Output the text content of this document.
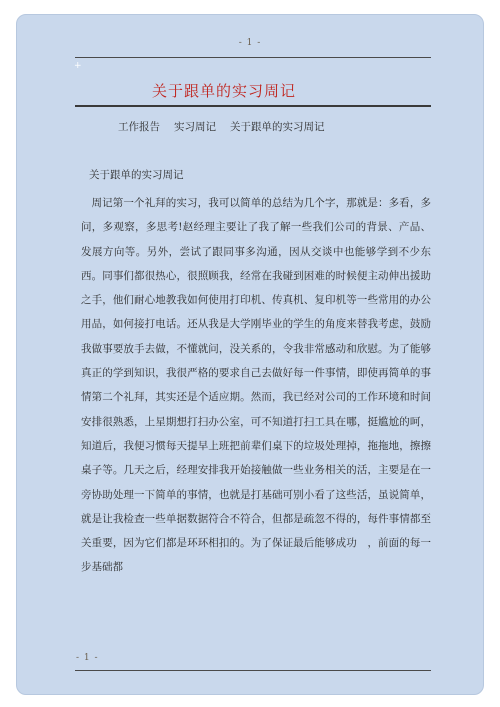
- 1 -
+
关于跟单的实习周记
工作报告 实习周记 关于跟单的实习周记
关于跟单的实习周记

周记第一个礼拜的实习，我可以简单的总结为几个字，那就是：多看，多问，多观察，多思考!赵经理主要让了我了解一些我们公司的背景、产品、发展方向等。另外，尝试了跟同事多沟通，因从交谈中也能够学到不少东西。同事们都很热心，很照顾我，经常在我碰到困难的时候便主动伸出援助之手，他们耐心地教我如何使用打印机、传真机、复印机等一些常用的办公用品，如何接打电话。还从我是大学刚毕业的学生的角度来替我考虑，鼓励我做事要放手去做，不懂就问，没关系的，令我非常感动和欣慰。为了能够真正的学到知识，我很严格的要求自己去做好每一件事情，即使再简单的事情第二个礼拜，其实还是个适应期。然而，我已经对公司的工作环境和时间安排很熟悉，上星期想打扫办公室，可不知道打扫工具在哪，挺尴尬的呵，知道后，我便习惯每天提早上班把前辈们桌下的垃圾处理掉，拖拖地，擦擦桌子等。几天之后，经理安排我开始接触做一些业务相关的活，主要是在一旁协助处理一下简单的事情，也就是打基础可别小看了这些活，虽说简单，就是让我检查一些单据数据符合不符合，但都是疏忽不得的，每件事情都至关重要，因为它们都是环环相扣的。为了保证最后能够成功　，前面的每一步基础都

- 1 -
